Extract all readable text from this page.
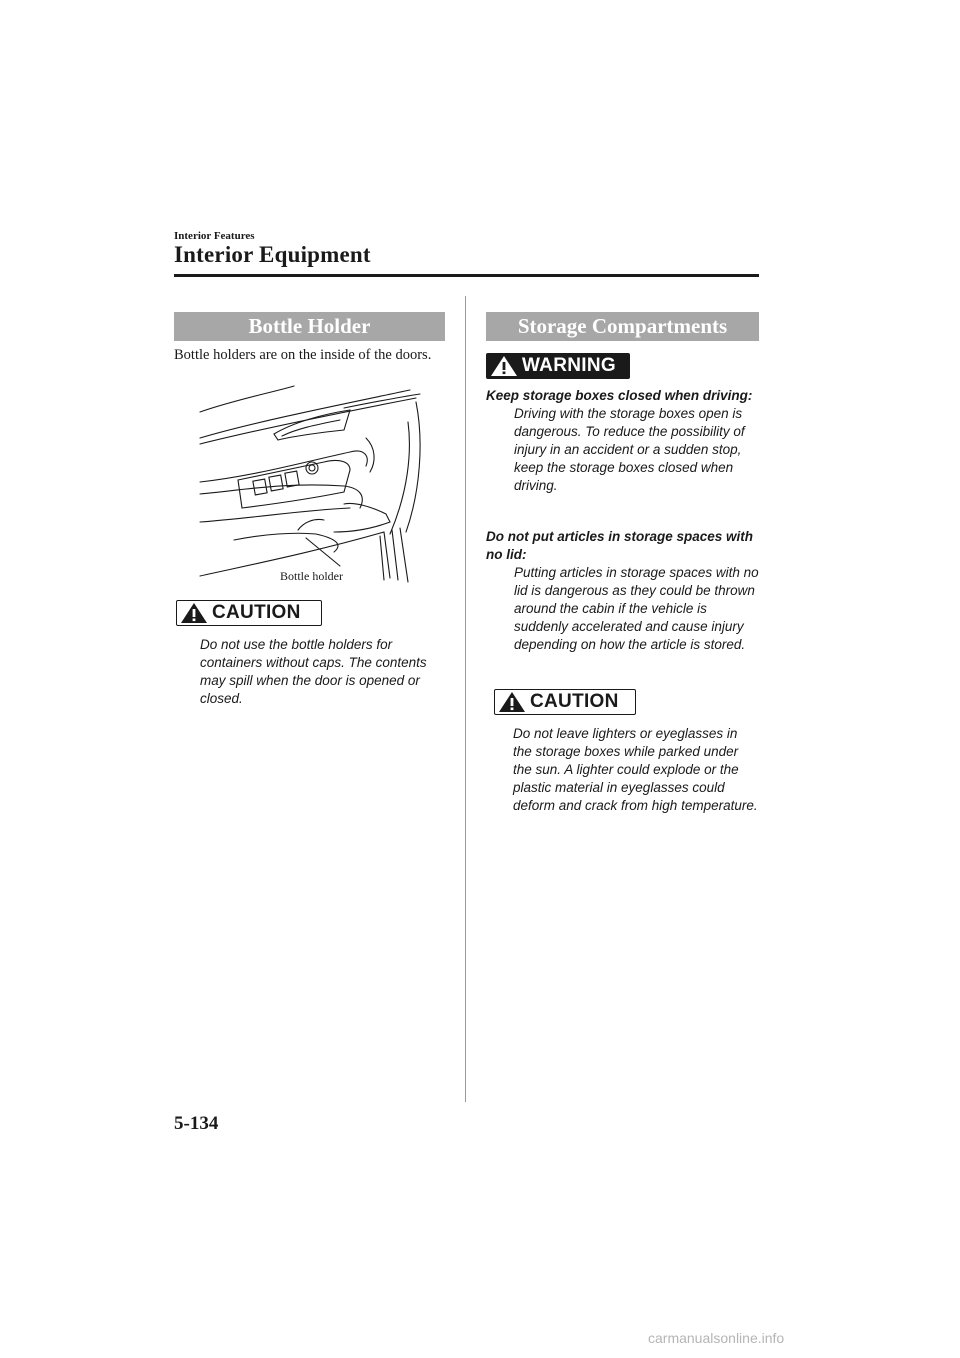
Interior Features
Interior Equipment
Bottle Holder
Bottle holders are on the inside of the doors.
Bottle holder
CAUTION
Do not use the bottle holders for containers without caps. The contents may spill when the door is opened or closed.
Storage Compartments
WARNING
Keep storage boxes closed when driving:
Driving with the storage boxes open is dangerous. To reduce the possibility of injury in an accident or a sudden stop, keep the storage boxes closed when driving.
Do not put articles in storage spaces with no lid:
Putting articles in storage spaces with no lid is dangerous as they could be thrown around the cabin if the vehicle is suddenly accelerated and cause injury depending on how the article is stored.
CAUTION
Do not leave lighters or eyeglasses in the storage boxes while parked under the sun. A lighter could explode or the plastic material in eyeglasses could deform and crack from high temperature.
5-134
carmanualsonline.info
